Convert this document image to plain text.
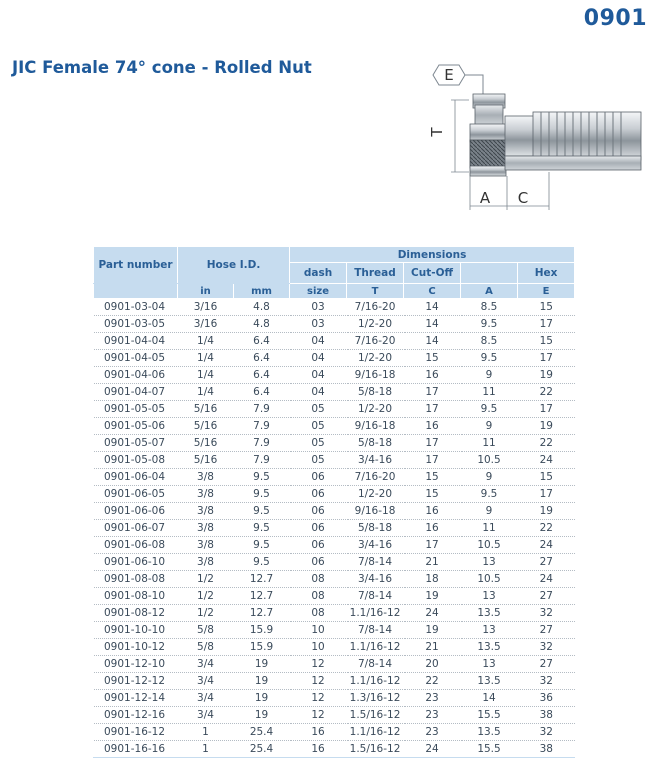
0901
JIC Female 74° cone - Rolled Nut	E
T
A C
Part number	Hose I.D.		Dimensions				
			dash	Thread	Cut-Off		Hex
	in	mm	size	T	C	A	E
0901-03-04	3/16	4.8	03	7/16-20	14	8.5	15
0901-03-05	3/16	4.8	03	1/2-20	14	9.5	17
0901-04-04	1/4	6.4	04	7/16-20	14	8.5	15
0901-04-05	1/4	6.4	04	1/2-20	15	9.5	17
0901-04-06	1/4	6.4	04	9/16-18	16	9	19
0901-04-07	1/4	6.4	04	5/8-18	17	11	22
0901-05-05	5/16	7.9	05	1/2-20	17	9.5	17
0901-05-06	5/16	7.9	05	9/16-18	16	9	19
0901-05-07	5/16	7.9	05	5/8-18	17	11	22
0901-05-08	5/16	7.9	05	3/4-16	17	10.5	24
0901-06-04	3/8	9.5	06	7/16-20	15	9	15
0901-06-05	3/8	9.5	06	1/2-20	15	9.5	17
0901-06-06	3/8	9.5	06	9/16-18	16	9	19
0901-06-07	3/8	9.5	06	5/8-18	16	11	22
0901-06-08	3/8	9.5	06	3/4-16	17	10.5	24
0901-06-10	3/8	9.5	06	7/8-14	21	13	27
0901-08-08	1/2	12.7	08	3/4-16	18	10.5	24
0901-08-10	1/2	12.7	08	7/8-14	19	13	27
0901-08-12	1/2	12.7	08	1.1/16-12	24	13.5	32
0901-10-10	5/8	15.9	10	7/8-14	19	13	27
0901-10-12	5/8	15.9	10	1.1/16-12	21	13.5	32
0901-12-10	3/4	19	12	7/8-14	20	13	27
0901-12-12	3/4	19	12	1.1/16-12	22	13.5	32
0901-12-14	3/4	19	12	1.3/16-12	23	14	36
0901-12-16	3/4	19	12	1.5/16-12	23	15.5	38
0901-16-12	1	25.4	16	1.1/16-12	23	13.5	32
0901-16-16	1	25.4	16	1.5/16-12	24	15.5	38
